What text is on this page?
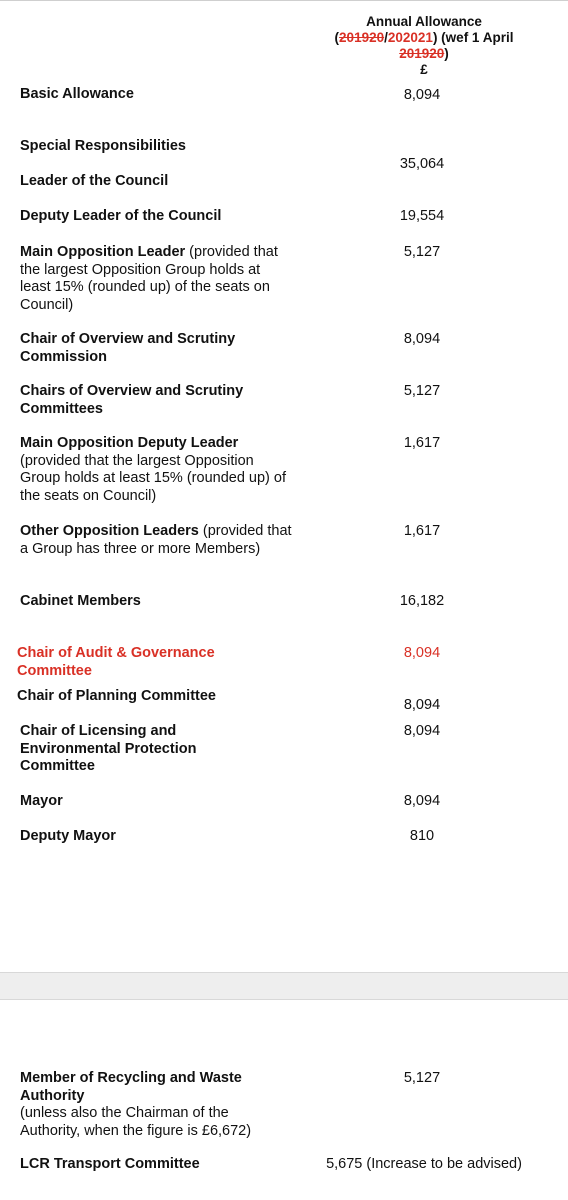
Annual Allowance
(201920/202021) (wef 1 April
201920)
£
Basic Allowance	8,094
Special Responsibilities
Leader of the Council
35,064
Deputy Leader of the Council	19,554
Main Opposition Leader (provided that the largest Opposition Group holds at least 15% (rounded up) of the seats on Council)
5,127
Chair of Overview and Scrutiny Commission
8,094
Chairs of Overview and Scrutiny Committees
5,127
Main Opposition Deputy Leader
(provided that the largest Opposition Group holds at least 15% (rounded up) of the seats on Council)
1,617
Other Opposition Leaders (provided that a Group has three or more Members)
1,617
Cabinet Members	16,182
Chair of Audit & Governance Committee
8,094
Chair of Planning Committee
8,094
Chair of Licensing and Environmental Protection Committee
8,094
Mayor	8,094
Deputy Mayor	810
Member of Recycling and Waste Authority
(unless also the Chairman of the Authority, when the figure is £6,672)
5,127
LCR Transport Committee	5,675 (Increase to be advised)
